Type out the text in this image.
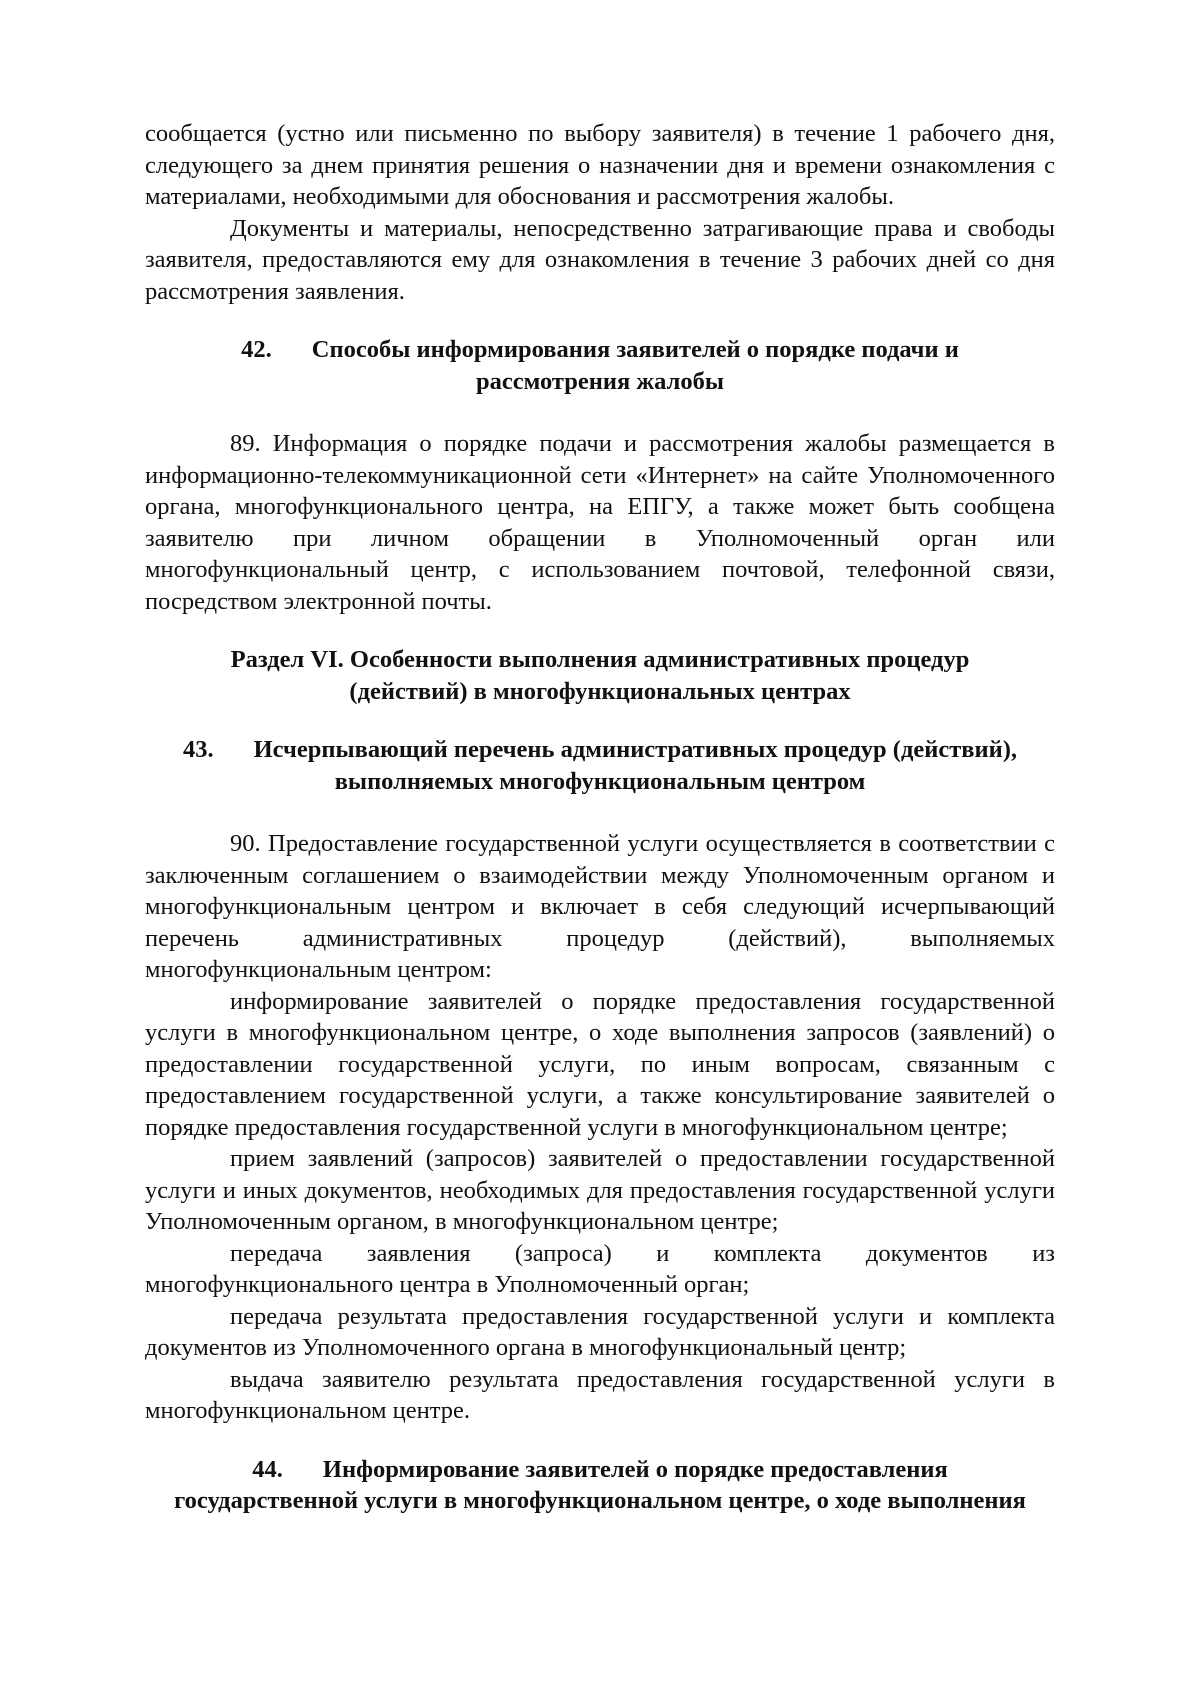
сообщается (устно или письменно по выбору заявителя) в течение 1 рабочего дня, следующего за днем принятия решения о назначении дня и времени ознакомления с материалами, необходимыми для обоснования и рассмотрения жалобы.

Документы и материалы, непосредственно затрагивающие права и свободы заявителя, предоставляются ему для ознакомления в течение 3 рабочих дней со дня рассмотрения заявления.

42. Способы информирования заявителей о порядке подачи и
рассмотрения жалобы

89. Информация о порядке подачи и рассмотрения жалобы размещается в информационно-телекоммуникационной сети «Интернет» на сайте Уполномоченного органа, многофункционального центра, на ЕПГУ, а также может быть сообщена заявителю при личном обращении в Уполномоченный орган или многофункциональный центр, с использованием почтовой, телефонной связи, посредством электронной почты.

Раздел VI. Особенности выполнения административных процедур
(действий) в многофункциональных центрах
43. Исчерпывающий перечень административных процедур (действий),
выполняемых многофункциональным центром

90. Предоставление государственной услуги осуществляется в соответствии с заключенным соглашением о взаимодействии между Уполномоченным органом и многофункциональным центром и включает в себя следующий исчерпывающий перечень административных процедур (действий), выполняемых многофункциональным центром:

информирование заявителей о порядке предоставления государственной услуги в многофункциональном центре, о ходе выполнения запросов (заявлений) о предоставлении государственной услуги, по иным вопросам, связанным с предоставлением государственной услуги, а также консультирование заявителей о порядке предоставления государственной услуги в многофункциональном центре;

прием заявлений (запросов) заявителей о предоставлении государственной услуги и иных документов, необходимых для предоставления государственной услуги Уполномоченным органом, в многофункциональном центре;

передача заявления (запроса) и комплекта документов из многофункционального центра в Уполномоченный орган;

передача результата предоставления государственной услуги и комплекта документов из Уполномоченного органа в многофункциональный центр;

выдача заявителю результата предоставления государственной услуги в многофункциональном центре.

44. Информирование заявителей о порядке предоставления
государственной услуги в многофункциональном центре, о ходе выполнения
